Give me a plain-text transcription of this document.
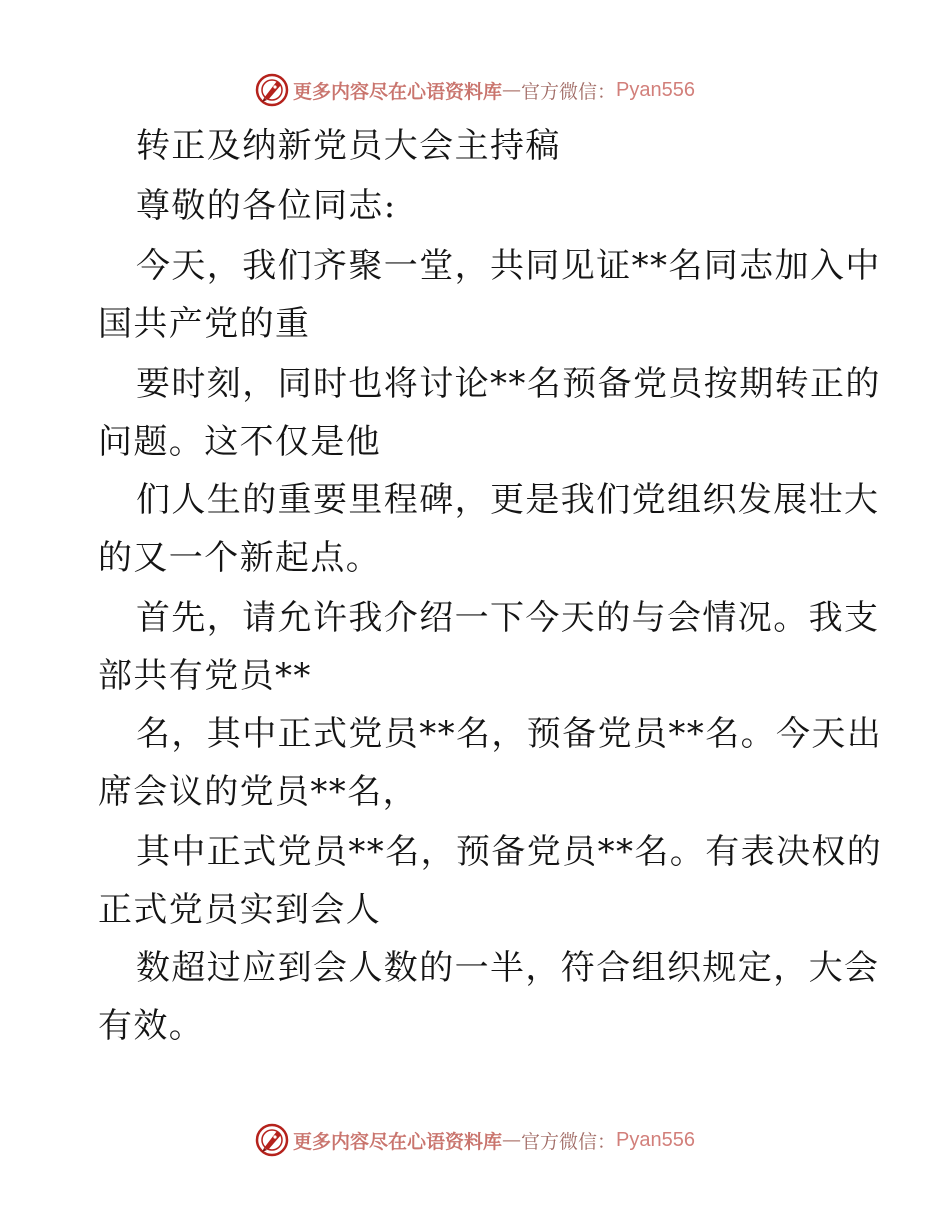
更多内容尽在心语资料库 — 官方微信： Pyan556
转正及纳新党员大会主持稿
尊敬的各位同志:
今天，我们齐聚一堂，共同见证**名同志加入中
国共产党的重
要时刻，同时也将讨论**名预备党员按期转正的
问题。这不仅是他
们人生的重要里程碑，更是我们党组织发展壮大
的又一个新起点。
首先，请允许我介绍一下今天的与会情况。我支
部共有党员**
名，其中正式党员**名，预备党员**名。今天出
席会议的党员**名，
其中正式党员**名，预备党员**名。有表决权的
正式党员实到会人
数超过应到会人数的一半，符合组织规定，大会
有效。
更多内容尽在心语资料库 — 官方微信： Pyan556
